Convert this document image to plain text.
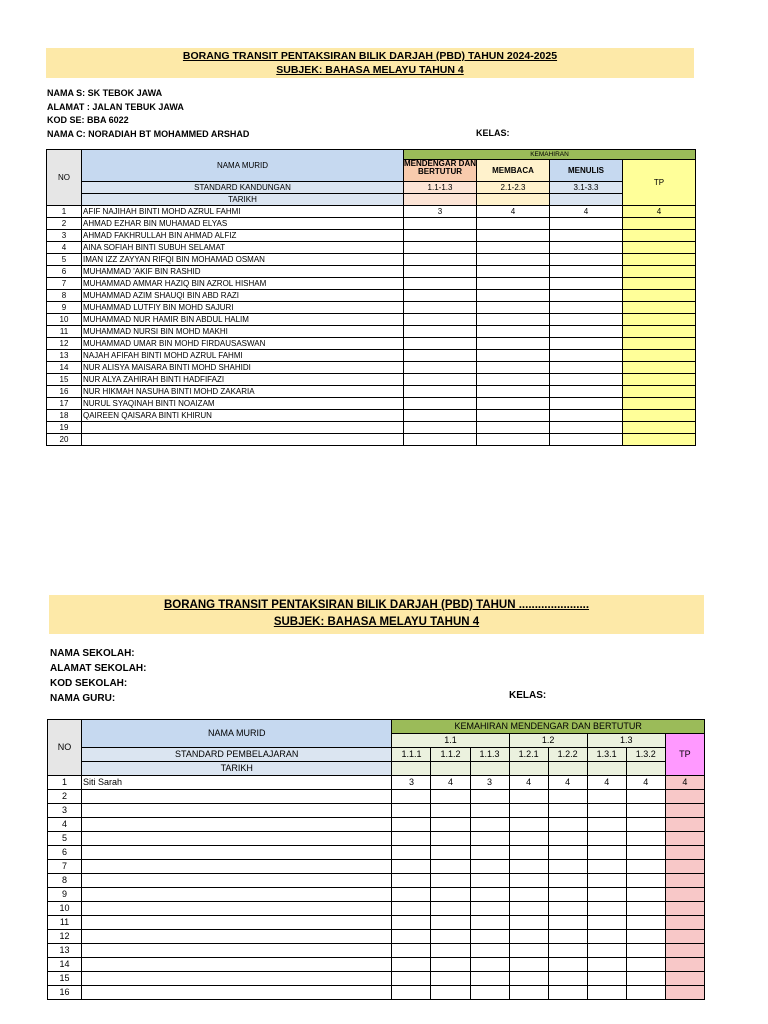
BORANG TRANSIT PENTAKSIRAN BILIK DARJAH (PBD) TAHUN 2024-2025
SUBJEK: BAHASA MELAYU TAHUN 4
NAMA S: SK TEBOK JAWA
ALAMAT : JALAN TEBUK JAWA
KOD SE: BBA 6022
NAMA C: NORADIAH BT MOHAMMED ARSHAD	KELAS:
NO	NAMA MURID	KEMAHIRAN			
		MENDENGAR DAN BERTUTUR	MEMBACA	MENULIS	TP
	STANDARD KANDUNGAN	1.1-1.3	2.1-2.3	3.1-3.3	
	TARIKH				
1	AFIF NAJIHAH BINTI MOHD AZRUL FAHMI	3	4	4	4
2	AHMAD EZHAR BIN MUHAMAD ELYAS				
3	AHMAD FAKHRULLAH BIN AHMAD ALFIZ				
4	AINA SOFIAH BINTI SUBUH SELAMAT				
5	IMAN IZZ ZAYYAN RIFQI BIN MOHAMAD OSMAN				
6	MUHAMMAD 'AKIF BIN RASHID				
7	MUHAMMAD AMMAR HAZIQ BIN AZROL HISHAM				
8	MUHAMMAD AZIM SHAUQI BIN ABD RAZI				
9	MUHAMMAD LUTFIY BIN MOHD SAJURI				
10	MUHAMMAD NUR HAMIR BIN ABDUL HALIM				
11	MUHAMMAD NURSI BIN MOHD MAKHI				
12	MUHAMMAD UMAR BIN MOHD FIRDAUSASWAN				
13	NAJAH AFIFAH BINTI MOHD AZRUL FAHMI				
14	NUR ALISYA MAISARA BINTI MOHD SHAHIDI				
15	NUR ALYA ZAHIRAH BINTI HADFIFAZI				
16	NUR HIKMAH NASUHA BINTI MOHD ZAKARIA				
17	NURUL SYAQINAH BINTI NOAIZAM				
18	QAIREEN QAISARA BINTI KHIRUN				
19					
20					
BORANG TRANSIT PENTAKSIRAN BILIK DARJAH (PBD) TAHUN ......................
SUBJEK: BAHASA MELAYU TAHUN 4
NAMA SEKOLAH:
ALAMAT SEKOLAH:
KOD SEKOLAH:
NAMA GURU:	KELAS:
NO	NAMA MURID	KEMAHIRAN MENDENGAR DAN BERTUTUR							
		1.1			1.2		1.3		TP
	STANDARD PEMBELAJARAN	1.1.1	1.1.2	1.1.3	1.2.1	1.2.2	1.3.1	1.3.2	
	TARIKH								
1	Siti Sarah	3	4	3	4	4	4	4	4
2									
3									
4									
5									
6									
7									
8									
9									
10									
11									
12									
13									
14									
15									
16									
